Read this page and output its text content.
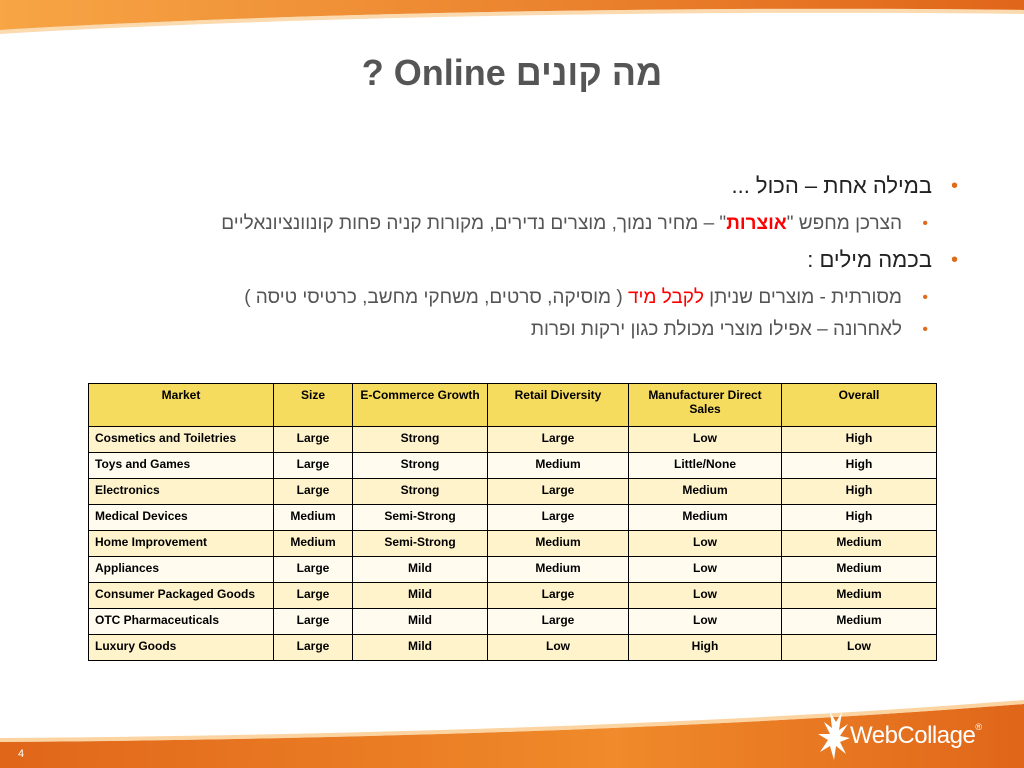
מה קונים Online ?
•
במילה אחת – הכול ...
•
הצרכן מחפש "אוצרות" – מחיר נמוך, מוצרים נדירים, מקורות קניה פחות קונוונציונאליים
•
בכמה מילים :
•
מסורתית - מוצרים שניתן לקבל מיד ( מוסיקה, סרטים, משחקי מחשב, כרטיסי טיסה )
•
לאחרונה – אפילו מוצרי מכולת כגון ירקות ופרות
Market	Size	E-Commerce Growth	Retail Diversity	Manufacturer Direct Sales	Overall
Cosmetics and Toiletries	Large	Strong	Large	Low	High
Toys and Games	Large	Strong	Medium	Little/None	High
Electronics	Large	Strong	Large	Medium	High
Medical Devices	Medium	Semi-Strong	Large	Medium	High
Home Improvement	Medium	Semi-Strong	Medium	Low	Medium
Appliances	Large	Mild	Medium	Low	Medium
Consumer Packaged Goods	Large	Mild	Large	Low	Medium
OTC Pharmaceuticals	Large	Mild	Large	Low	Medium
Luxury Goods	Large	Mild	Low	High	Low
4
WebCollage®
